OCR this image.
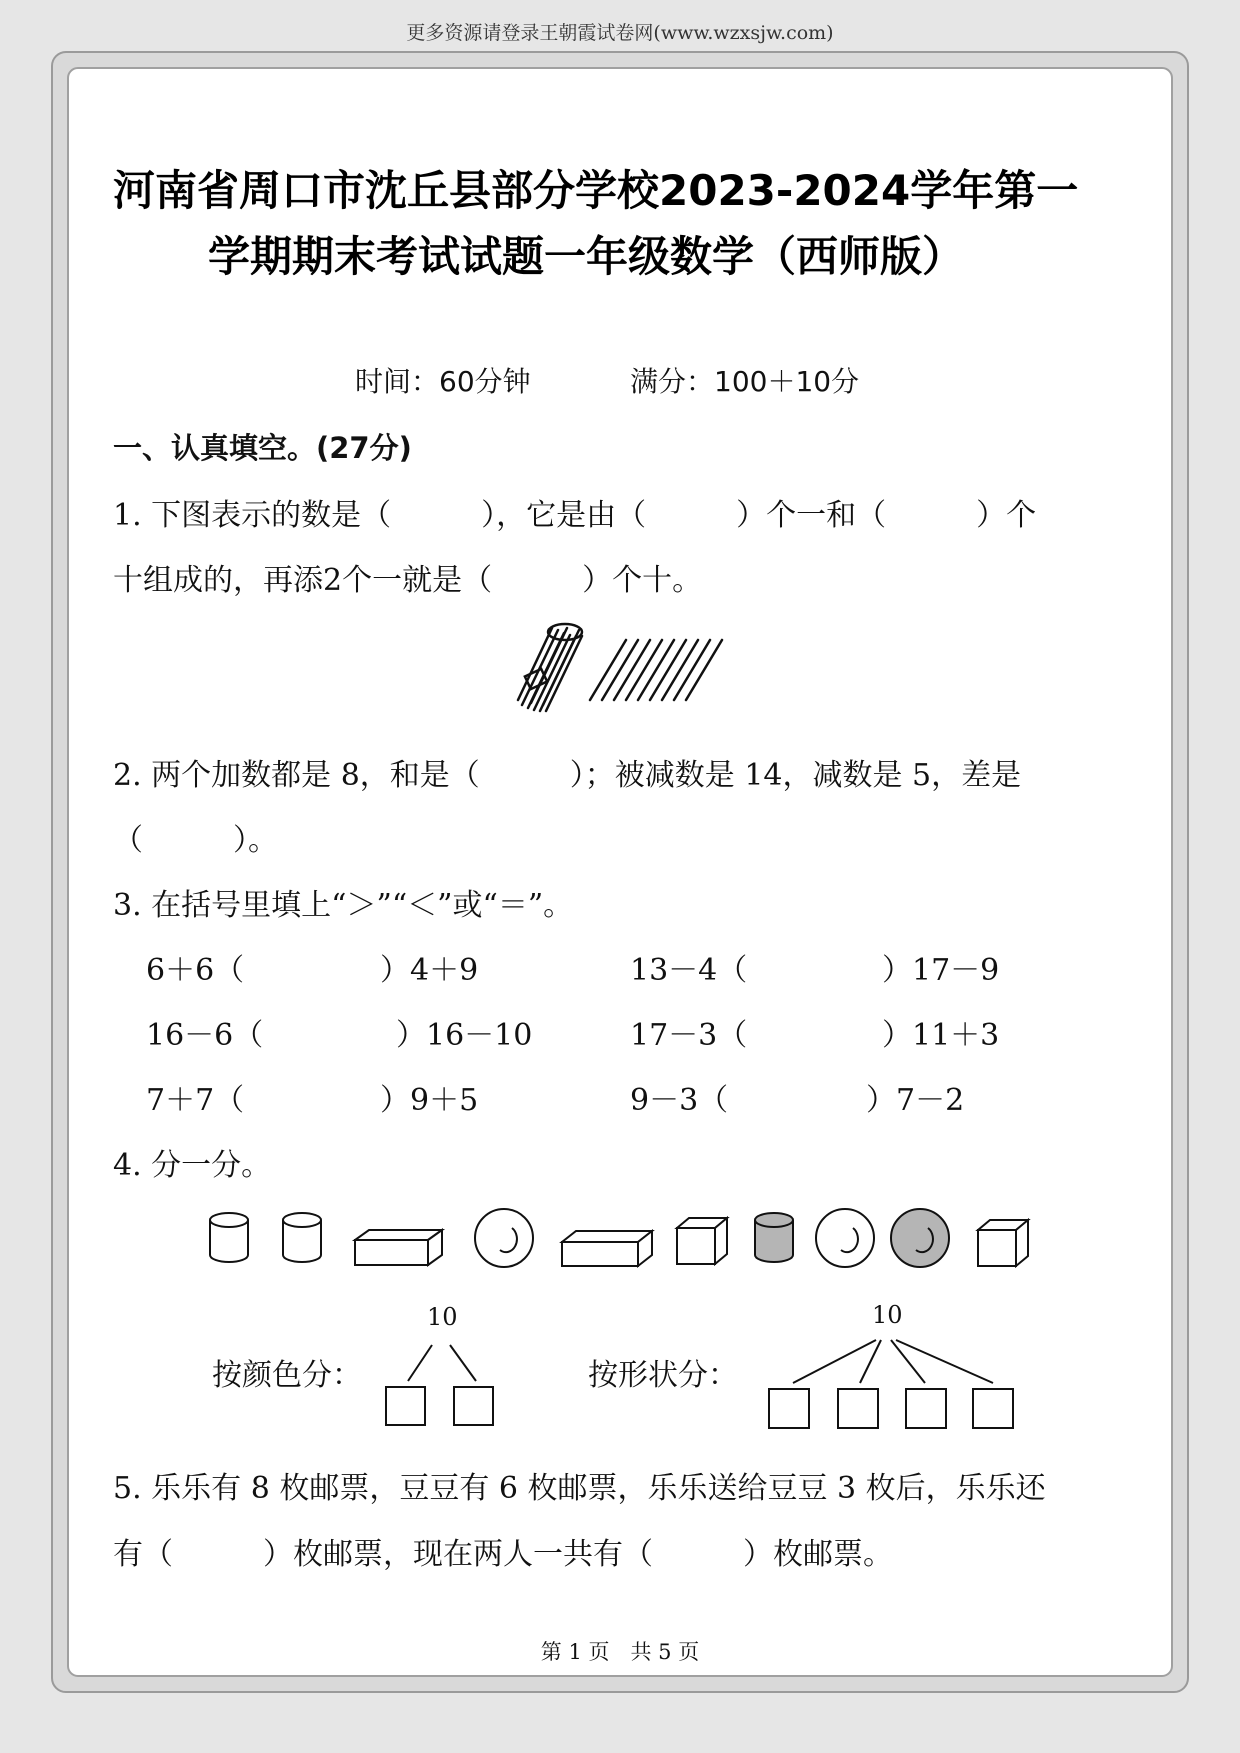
更多资源请登录王朝霞试卷网(www.wzxsjw.com)
河南省周口市沈丘县部分学校2023-2024学年第一
学期期末考试试题一年级数学（西师版）
时间：60分钟	满分：100＋10分
一、认真填空。(27分)
1. 下图表示的数是（　　　），它是由（　　　）个一和（　　　）个
十组成的，再添2个一就是（　　　）个十。
2. 两个加数都是 8，和是（　　　）；被减数是 14，减数是 5，差是
（　　　）。
3. 在括号里填上“＞”“＜”或“＝”。
6＋6（	）4＋9	13－4（	）17－9
16－6（	）16－10	17－3（	）11＋3
7＋7（	）9＋5	9－3（	）7－2
4. 分一分。
10	10
按颜色分：	按形状分：
5. 乐乐有 8 枚邮票，豆豆有 6 枚邮票，乐乐送给豆豆 3 枚后，乐乐还
有（　　　）枚邮票，现在两人一共有（　　　）枚邮票。
第 1 页　共 5 页
